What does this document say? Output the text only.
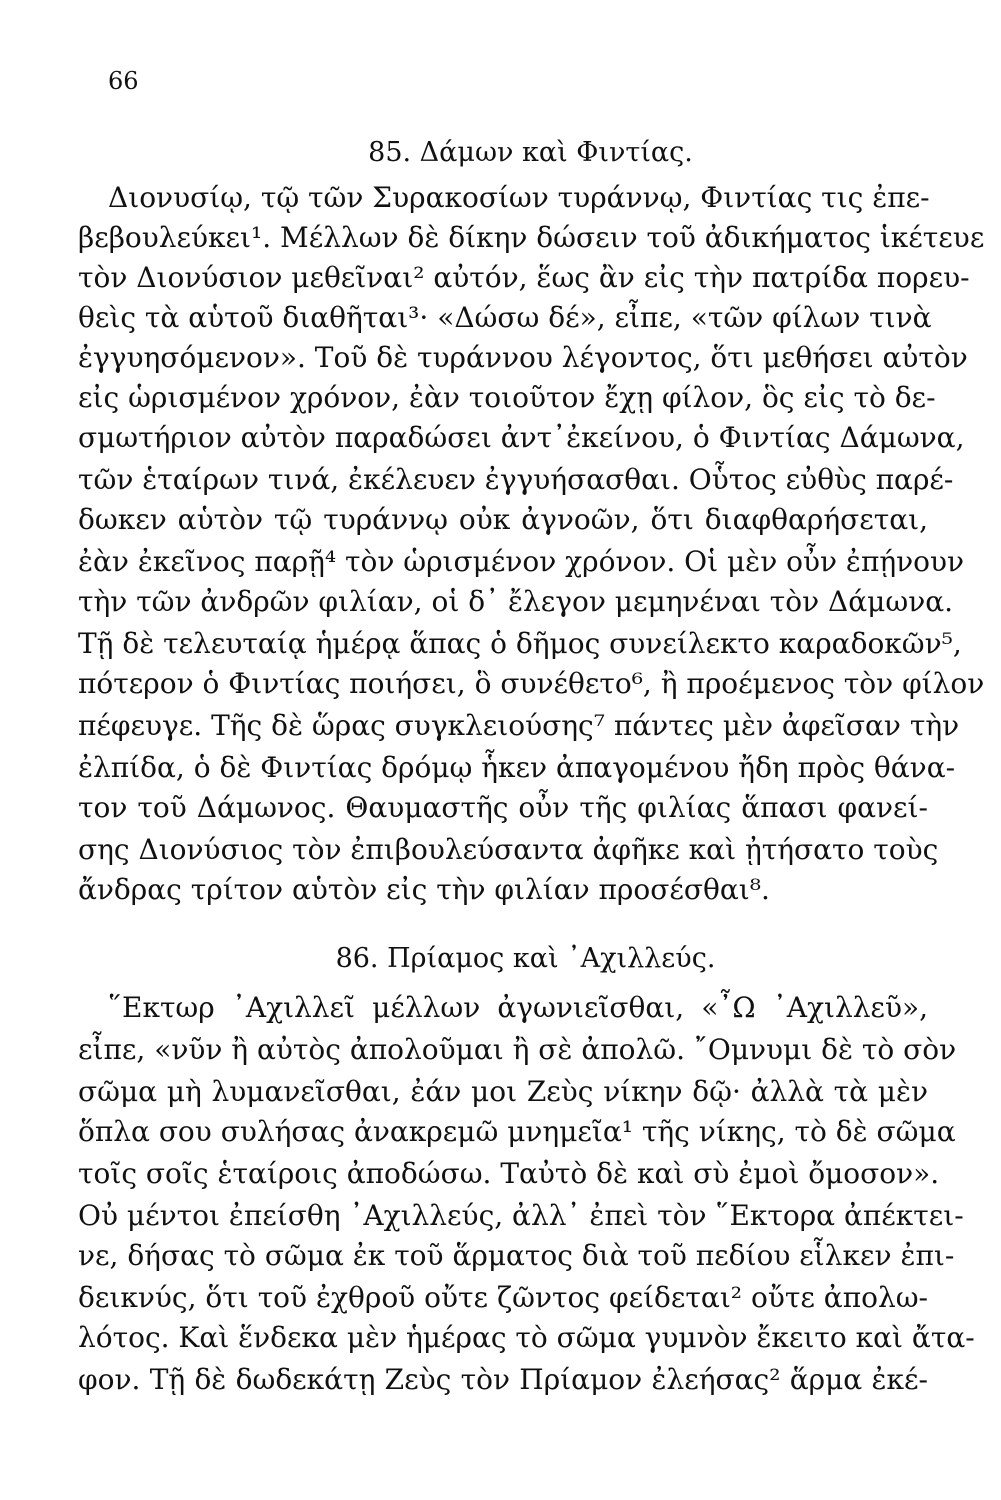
66
85. Δάμων καὶ Φιντίας.
Διονυσίῳ, τῷ τῶν Συρακοσίων τυράννῳ, Φιντίας τις ἐπε-
βεβουλεύκει¹. Μέλλων δὲ δίκην δώσειν τοῦ ἀδικήματος ἱκέτευε
τὸν Διονύσιον μεθεῖναι² αὐτόν, ἕως ἂν εἰς τὴν πατρίδα πορευ-
θεὶς τὰ αὑτοῦ διαθῆται³· «Δώσω δέ», εἶπε, «τῶν φίλων τινὰ
ἐγγυησόμενον». Τοῦ δὲ τυράννου λέγοντος, ὅτι μεθήσει αὐτὸν
εἰς ὡρισμένον χρόνον, ἐὰν τοιοῦτον ἔχῃ φίλον, ὃς εἰς τὸ δε-
σμωτήριον αὐτὸν παραδώσει ἀντ᾽ἐκείνου, ὁ Φιντίας Δάμωνα,
τῶν ἑταίρων τινά, ἐκέλευεν ἐγγυήσασθαι. Οὗτος εὐθὺς παρέ-
δωκεν αὑτὸν τῷ τυράννῳ οὐκ ἀγνοῶν, ὅτι διαφθαρήσεται,
ἐὰν ἐκεῖνος παρῇ⁴ τὸν ὡρισμένον χρόνον. Οἱ μὲν οὖν ἐπῄνουν
τὴν τῶν ἀνδρῶν φιλίαν, οἱ δ᾽ ἔλεγον μεμηνέναι τὸν Δάμωνα.
Τῇ δὲ τελευταίᾳ ἡμέρᾳ ἅπας ὁ δῆμος συνείλεκτο καραδοκῶν⁵,
πότερον ὁ Φιντίας ποιήσει, ὃ συνέθετο⁶, ἢ προέμενος τὸν φίλον
πέφευγε. Τῆς δὲ ὥρας συγκλειούσης⁷ πάντες μὲν ἀφεῖσαν τὴν
ἐλπίδα, ὁ δὲ Φιντίας δρόμῳ ἧκεν ἀπαγομένου ἤδη πρὸς θάνα-
τον τοῦ Δάμωνος. Θαυμαστῆς οὖν τῆς φιλίας ἅπασι φανεί-
σης Διονύσιος τὸν ἐπιβουλεύσαντα ἀφῆκε καὶ ᾐτήσατο τοὺς
ἄνδρας τρίτον αὑτὸν εἰς τὴν φιλίαν προσέσθαι⁸.
86. Πρίαμος καὶ ᾽Αχιλλεύς.
῞Εκτωρ ᾽Αχιλλεῖ μέλλων ἀγωνιεῖσθαι, «῏Ω ᾽Αχιλλεῦ»,
εἶπε, «νῦν ἢ αὐτὸς ἀπολοῦμαι ἢ σὲ ἀπολῶ. ῎Ομνυμι δὲ τὸ σὸν
σῶμα μὴ λυμανεῖσθαι, ἐάν μοι Ζεὺς νίκην δῷ· ἀλλὰ τὰ μὲν
ὅπλα σου συλήσας ἀνακρεμῶ μνημεῖα¹ τῆς νίκης, τὸ δὲ σῶμα
τοῖς σοῖς ἑταίροις ἀποδώσω. Ταὐτὸ δὲ καὶ σὺ ἐμοὶ ὄμοσον».
Οὐ μέντοι ἐπείσθη ᾽Αχιλλεύς, ἀλλ᾽ ἐπεὶ τὸν ῞Εκτορα ἀπέκτει-
νε, δήσας τὸ σῶμα ἐκ τοῦ ἅρματος διὰ τοῦ πεδίου εἷλκεν ἐπι-
δεικνύς, ὅτι τοῦ ἐχθροῦ οὔτε ζῶντος φείδεται² οὔτε ἀπολω-
λότος. Καὶ ἕνδεκα μὲν ἡμέρας τὸ σῶμα γυμνὸν ἔκειτο καὶ ἄτα-
φον. Τῇ δὲ δωδεκάτῃ Ζεὺς τὸν Πρίαμον ἐλεήσας² ἅρμα ἐκέ-
